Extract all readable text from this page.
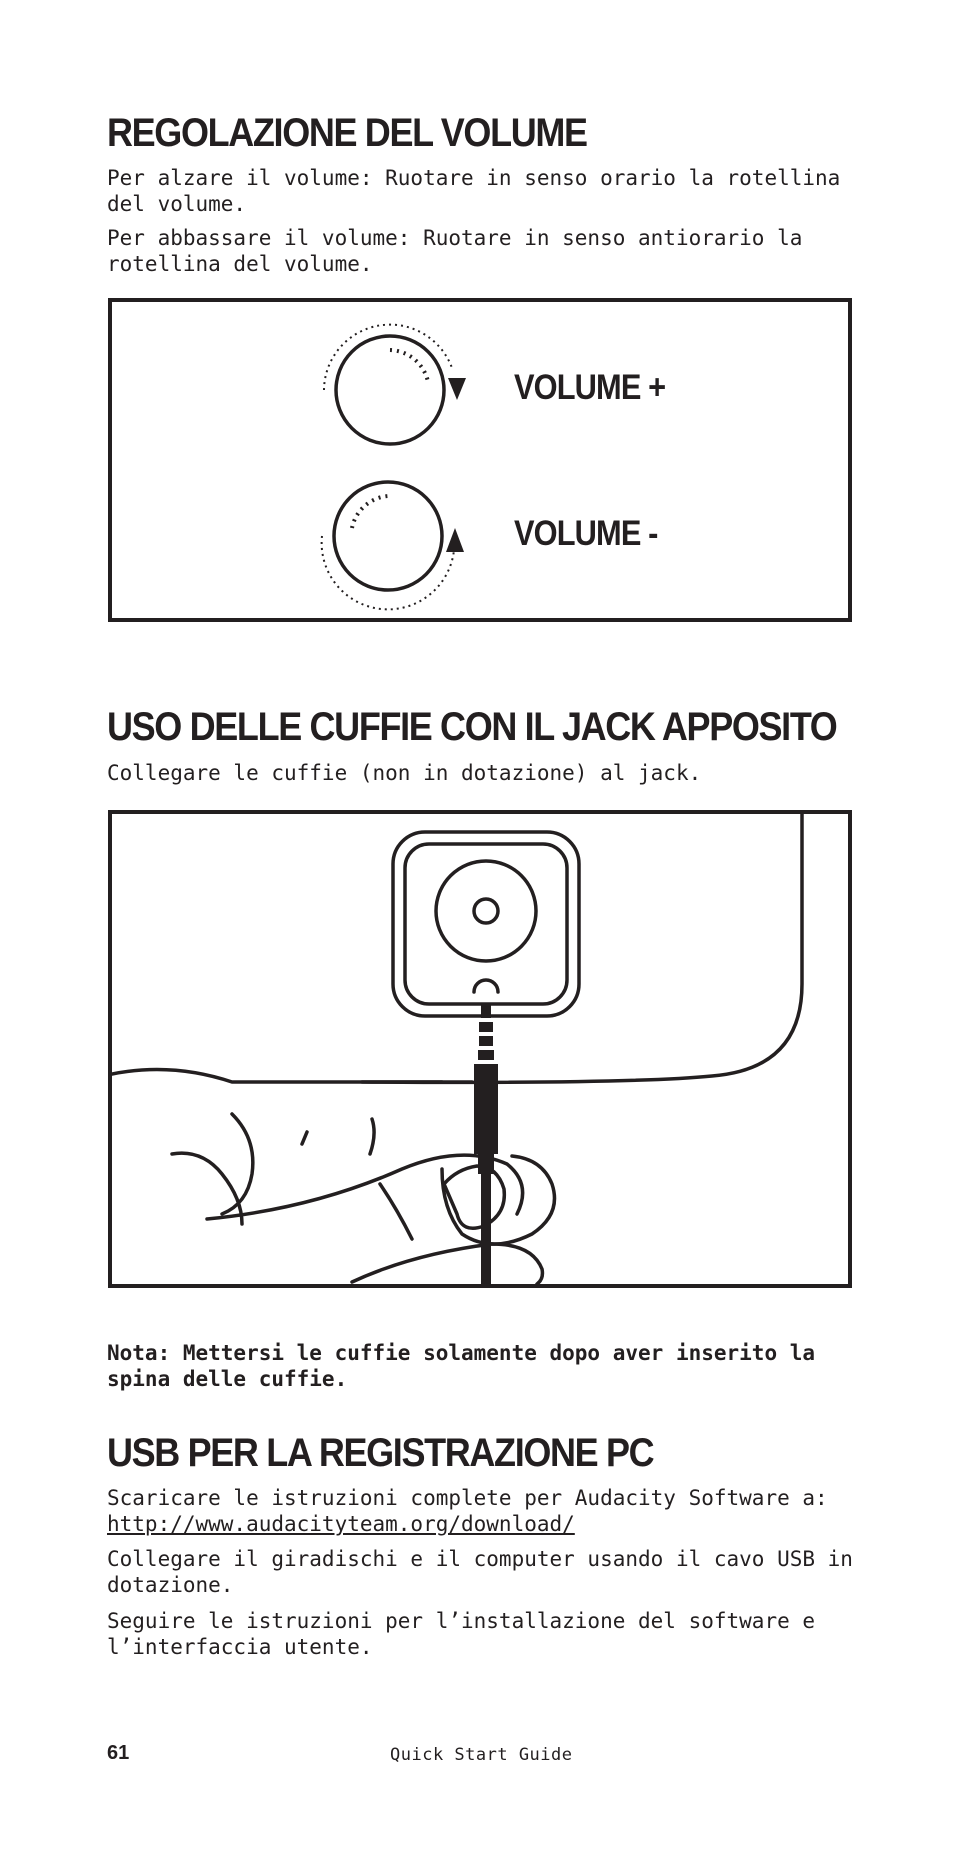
REGOLAZIONE DEL VOLUME

Per alzare il volume: Ruotare in senso orario la rotellina del volume.

Per abbassare il volume: Ruotare in senso antiorario la rotellina del volume.

VOLUME +
VOLUME -
USO DELLE CUFFIE CON IL JACK APPOSITO

Collegare le cuffie (non in dotazione) al jack.

Nota: Mettersi le cuffie solamente dopo aver inserito la spina delle cuffie.

USB PER LA REGISTRAZIONE PC

Scaricare le istruzioni complete per Audacity Software a:
http://www.audacityteam.org/download/

Collegare il giradischi e il computer usando il cavo USB in dotazione.

Seguire le istruzioni per l’installazione del software e l’interfaccia utente.

61	Quick Start Guide
